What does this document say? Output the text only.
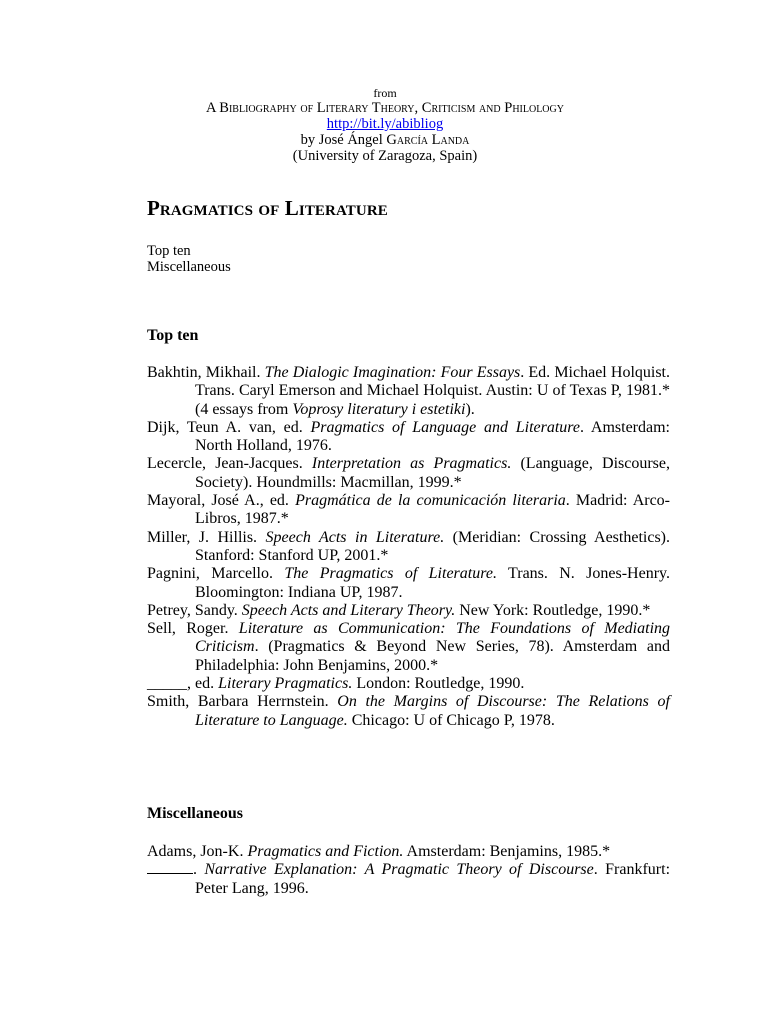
from
A Bibliography of Literary Theory, Criticism and Philology
http://bit.ly/abibliog
by José Ángel García Landa
(University of Zaragoza, Spain)
Pragmatics of Literature
Top ten
Miscellaneous
Top ten

Bakhtin, Mikhail. The Dialogic Imagination: Four Essays. Ed. Michael Holquist. Trans. Caryl Emerson and Michael Holquist. Austin: U of Texas P, 1981.* (4 essays from Voprosy literatury i estetiki).

Dijk, Teun A. van, ed. Pragmatics of Language and Literature. Amsterdam: North Holland, 1976.

Lecercle, Jean-Jacques. Interpretation as Pragmatics. (Language, Discourse, Society). Houndmills: Macmillan, 1999.*

Mayoral, José A., ed. Pragmática de la comunicación literaria. Madrid: Arco-Libros, 1987.*

Miller, J. Hillis. Speech Acts in Literature. (Meridian: Crossing Aesthetics). Stanford: Stanford UP, 2001.*

Pagnini, Marcello. The Pragmatics of Literature. Trans. N. Jones-Henry. Bloomington: Indiana UP, 1987.

Petrey, Sandy. Speech Acts and Literary Theory. New York: Routledge, 1990.*

Sell, Roger. Literature as Communication: The Foundations of Mediating Criticism. (Pragmatics & Beyond New Series, 78). Amsterdam and Philadelphia: John Benjamins, 2000.*

_____, ed. Literary Pragmatics. London: Routledge, 1990.

Smith, Barbara Herrnstein. On the Margins of Discourse: The Relations of Literature to Language. Chicago: U of Chicago P, 1978.

Miscellaneous

Adams, Jon-K. Pragmatics and Fiction. Amsterdam: Benjamins, 1985.*

. Narrative Explanation: A Pragmatic Theory of Discourse. Frankfurt: Peter Lang, 1996.
